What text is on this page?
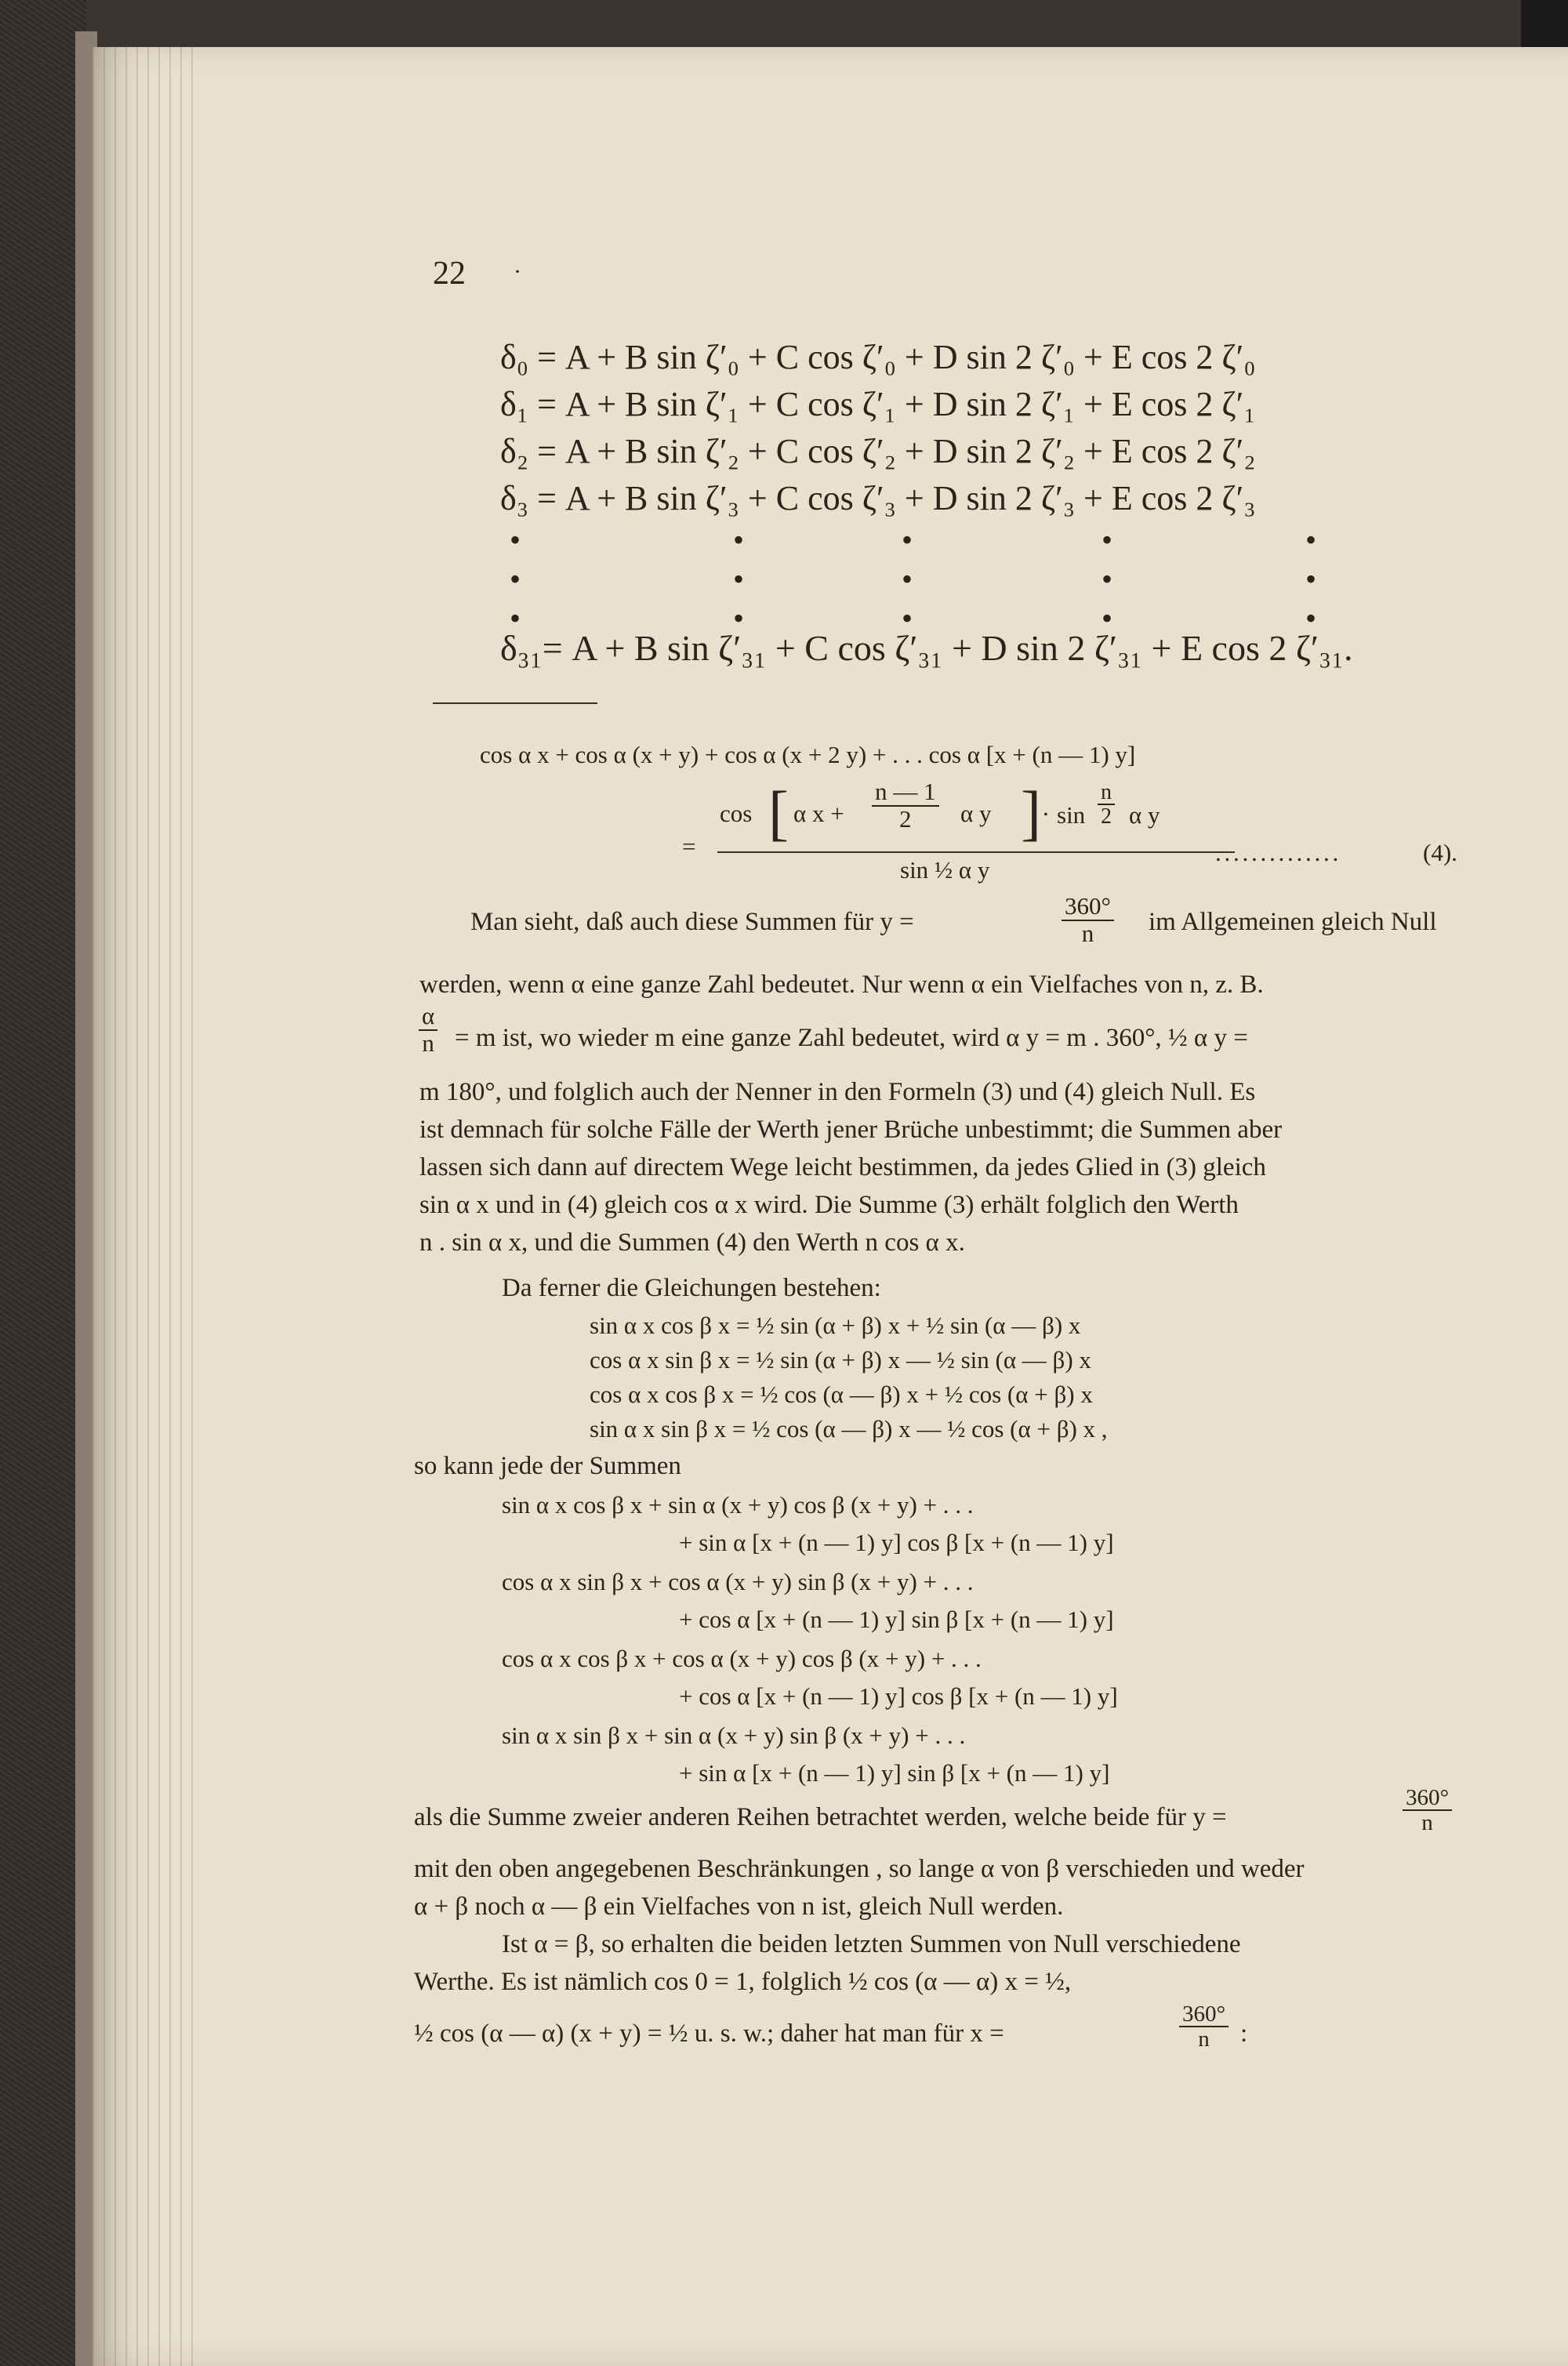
22 ·
δ₀ = A + B sin ζ′₀ + C cos ζ′₀ + D sin 2 ζ′₀ + E cos 2 ζ′₀
δ₁ = A + B sin ζ′₁ + C cos ζ′₁ + D sin 2 ζ′₁ + E cos 2 ζ′₁
δ₂ = A + B sin ζ′₂ + C cos ζ′₂ + D sin 2 ζ′₂ + E cos 2 ζ′₂
δ₃ = A + B sin ζ′₃ + C cos ζ′₃ + D sin 2 ζ′₃ + E cos 2 ζ′₃
•	•	•	•	•
•	•	•	•	•
•	•	•	•	•
δ₃₁= A + B sin ζ′₃₁ + C cos ζ′₃₁ + D sin 2 ζ′₃₁ + E cos 2 ζ′₃₁.
cos α x + cos α (x + y) + cos α (x + 2 y) + . . . cos α [x + (n — 1) y]
cos [ α $x + \frac{n — 1}{2}$ α y ] . $\sin \frac{n}{2}$ α y
=
sin ½ α y
. . . . . . . . . . . . . .	(4).
Man sieht, daß auch diese Summen für y =	$\frac{360^\circ}{n}$ im Allgemeinen gleich Null
werden, wenn α eine ganze Zahl bedeutet. Nur wenn α ein Vielfaches von n, z. B.
$\frac{\alpha}{n} = m$ ist, wo wieder m eine ganze Zahl bedeutet, wird α y = m . 360°, ½ α y =
m 180°, und folglich auch der Nenner in den Formeln (3) und (4) gleich Null. Es
ist demnach für solche Fälle der Werth jener Brüche unbestimmt; die Summen aber
lassen sich dann auf directem Wege leicht bestimmen, da jedes Glied in (3) gleich
sin α x und in (4) gleich cos α x wird. Die Summe (3) erhält folglich den Werth
n . sin α x, und die Summen (4) den Werth n cos α x.
Da ferner die Gleichungen bestehen:
sin α x cos β x = ½ sin (α + β) x + ½ sin (α — β) x
cos α x sin β x = ½ sin (α + β) x — ½ sin (α — β) x
cos α x cos β x = ½ cos (α — β) x + ½ cos (α + β) x
sin α x sin β x = ½ cos (α — β) x — ½ cos (α + β) x ,
so kann jede der Summen
sin α x cos β x + sin α (x + y) cos β (x + y) + . . .
+ sin α [x + (n — 1) y] cos β [x + (n — 1) y]
cos α x sin β x + cos α (x + y) sin β (x + y) + . . .
+ cos α [x + (n — 1) y] sin β [x + (n — 1) y]
cos α x cos β x + cos α (x + y) cos β (x + y) + . . .
+ cos α [x + (n — 1) y] cos β [x + (n — 1) y]
sin α x sin β x + sin α (x + y) sin β (x + y) + . . .
+ sin α [x + (n — 1) y] sin β [x + (n — 1) y]
als die Summe zweier anderen Reihen betrachtet werden, welche beide für y =	$\frac{360^\circ}{n}$
mit den oben angegebenen Beschränkungen , so lange α von β verschieden und weder
α + β noch α — β ein Vielfaches von n ist, gleich Null werden.
Ist α = β, so erhalten die beiden letzten Summen von Null verschiedene
Werthe. Es ist nämlich cos 0 = 1, folglich ½ cos (α — α) x = ½,
½ cos (α — α) (x + y) = ½ u. s. w.; daher hat man für x =	$\frac{360^\circ}{n}$ :
